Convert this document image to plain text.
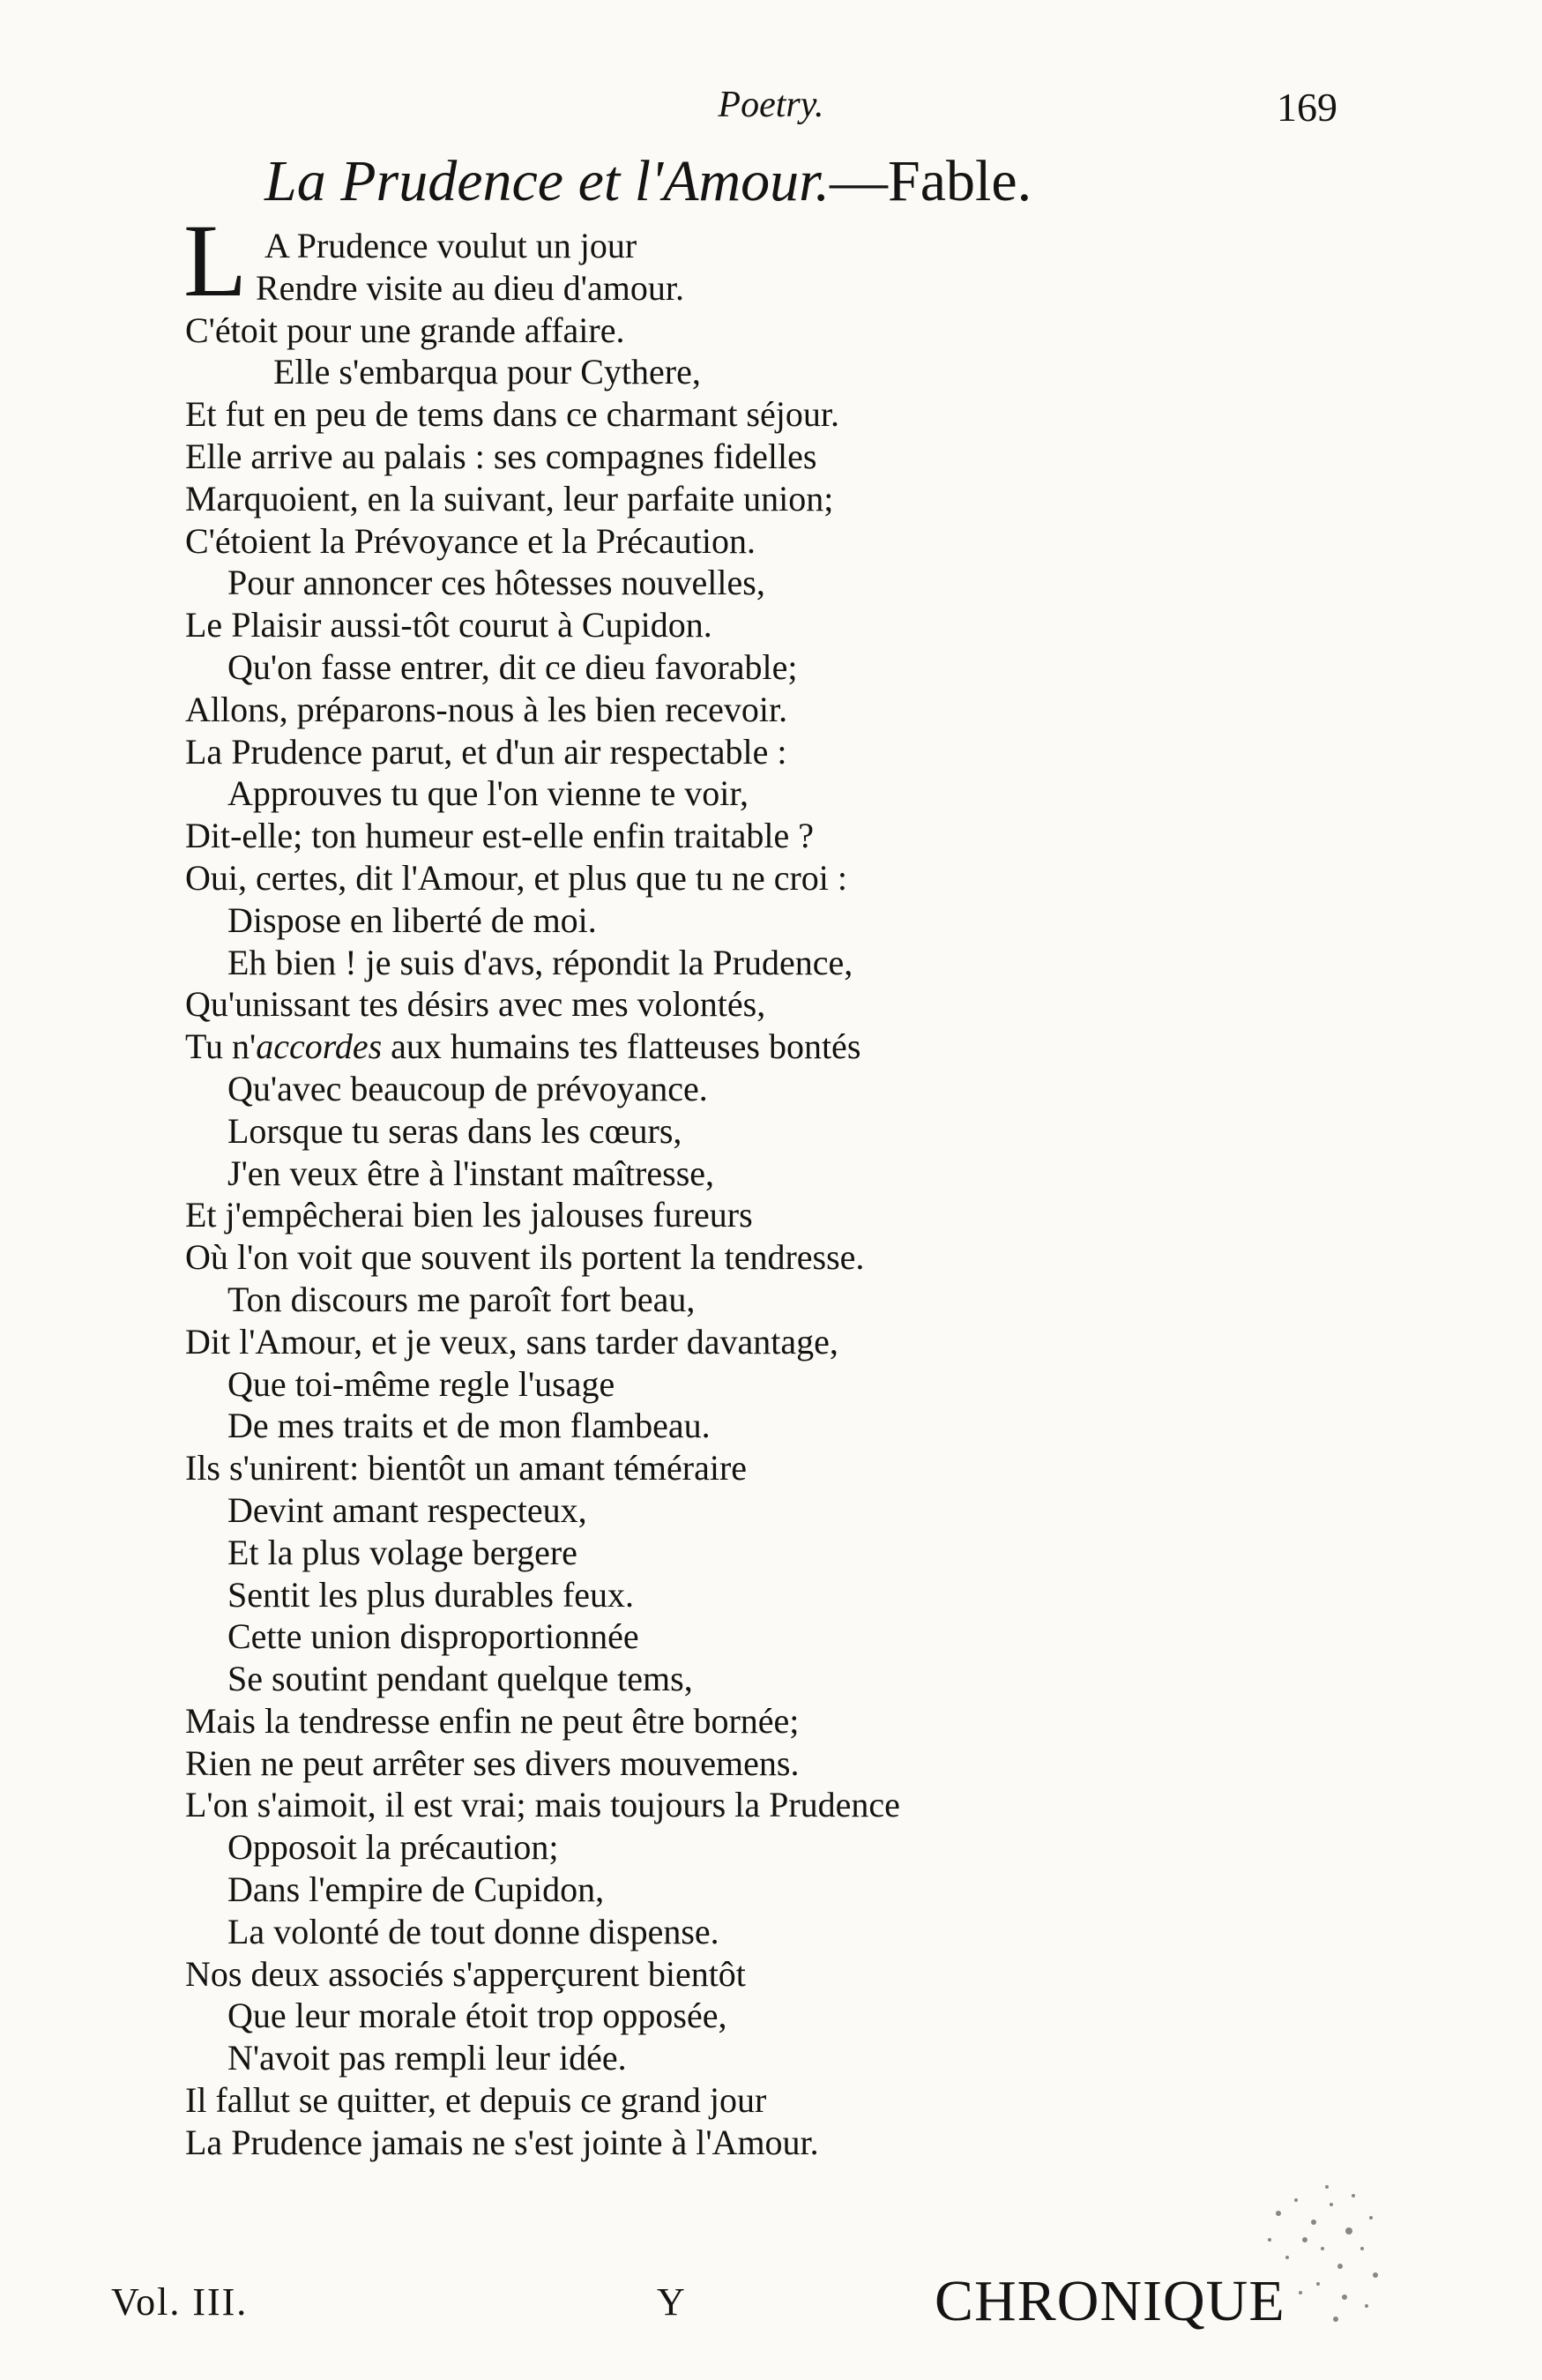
Poetry.	169
La Prudence et l'Amour.—Fable.
L A Prudence voulut un jour
Rendre visite au dieu d'amour.
C'étoit pour une grande affaire.
Elle s'embarqua pour Cythere,
Et fut en peu de tems dans ce charmant séjour.
Elle arrive au palais : ses compagnes fidelles
Marquoient, en la suivant, leur parfaite union;
C'étoient la Prévoyance et la Précaution.
Pour annoncer ces hôtesses nouvelles,
Le Plaisir aussi-tôt courut à Cupidon.
Qu'on fasse entrer, dit ce dieu favorable;
Allons, préparons-nous à les bien recevoir.
La Prudence parut, et d'un air respectable :
Approuves tu que l'on vienne te voir,
Dit-elle; ton humeur est-elle enfin traitable ?
Oui, certes, dit l'Amour, et plus que tu ne croi :
Dispose en liberté de moi.
Eh bien ! je suis d'avs, répondit la Prudence,
Qu'unissant tes désirs avec mes volontés,
Tu n'accordes aux humains tes flatteuses bontés
Qu'avec beaucoup de prévoyance.
Lorsque tu seras dans les cœurs,
J'en veux être à l'instant maîtresse,
Et j'empêcherai bien les jalouses fureurs
Où l'on voit que souvent ils portent la tendresse.
Ton discours me paroît fort beau,
Dit l'Amour, et je veux, sans tarder davantage,
Que toi-même regle l'usage
De mes traits et de mon flambeau.
Ils s'unirent: bientôt un amant téméraire
Devint amant respecteux,
Et la plus volage bergere
Sentit les plus durables feux.
Cette union disproportionnée
Se soutint pendant quelque tems,
Mais la tendresse enfin ne peut être bornée;
Rien ne peut arrêter ses divers mouvemens.
L'on s'aimoit, il est vrai; mais toujours la Prudence
Opposoit la précaution;
Dans l'empire de Cupidon,
La volonté de tout donne dispense.
Nos deux associés s'apperçurent bientôt
Que leur morale étoit trop opposée,
N'avoit pas rempli leur idée.
Il fallut se quitter, et depuis ce grand jour
La Prudence jamais ne s'est jointe à l'Amour.
Vol. III.	Y	CHRONIQUE
